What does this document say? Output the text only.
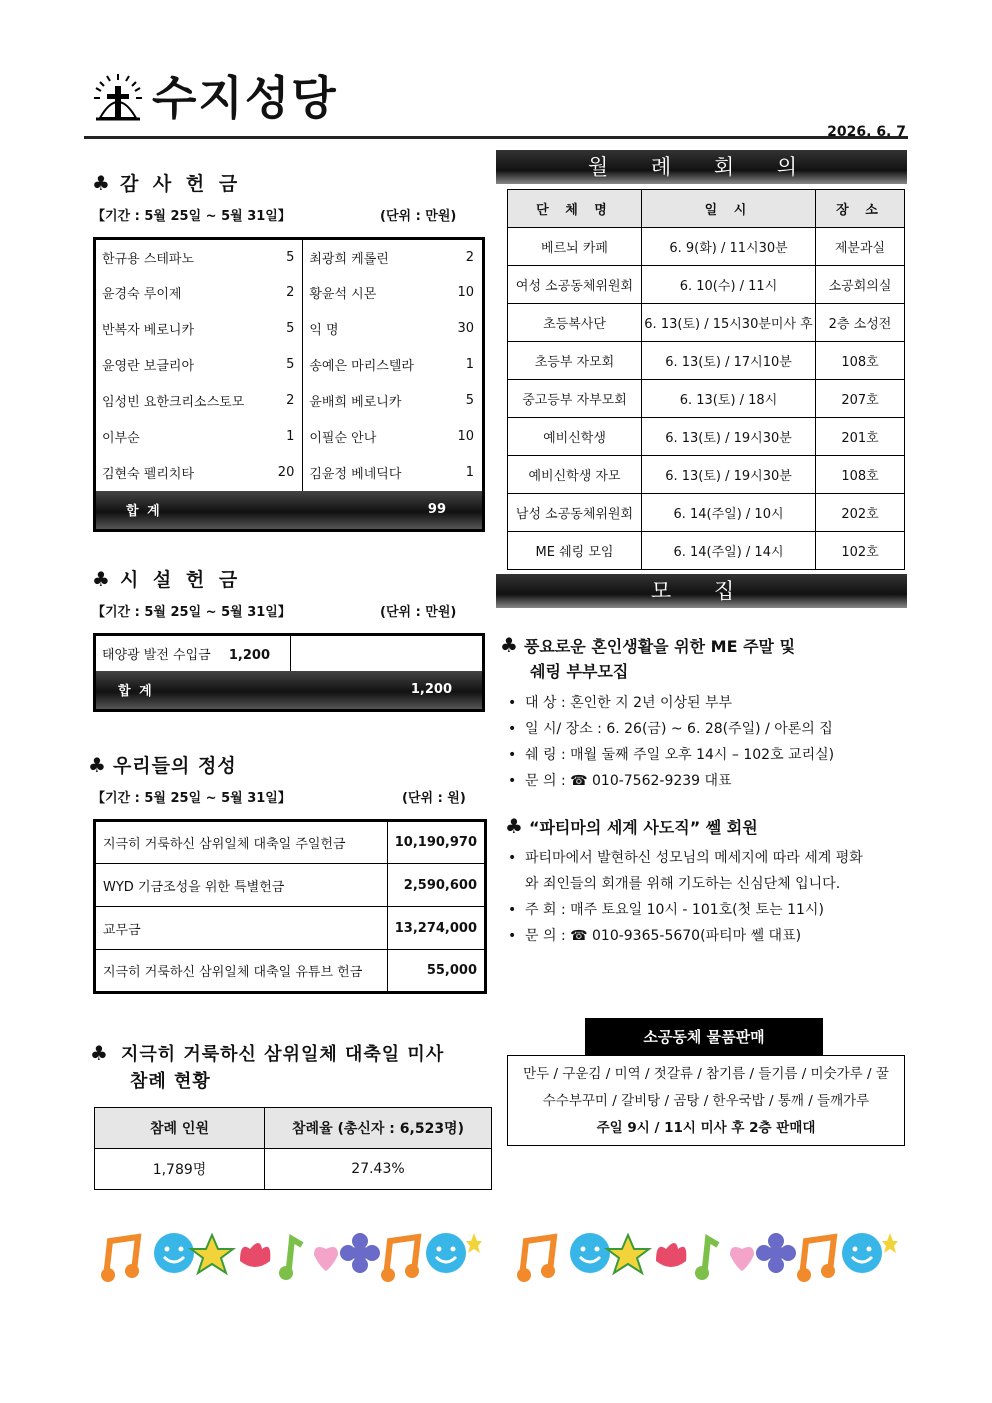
수지성당
2026. 6. 7
♣ 감 사 헌 금
【기간 : 5월 25일 ~ 5월 31일】	(단위 : 만원)
한규용 스테파노	5	최광희 케롤린	2
윤경숙 루이제	2	황윤석 시몬	10
반복자 베로니카	5	익 명	30
윤영란 보글리아	5	송예은 마리스텔라	1
임성빈 요한크리소스토모	2	윤배희 베로니카	5
이부순	1	이필순 안나	10
김현숙 펠리치타	20	김윤정 베네딕다	1
합 계			99
♣ 시 설 헌 금
【기간 : 5월 25일 ~ 5월 31일】	(단위 : 만원)
태양광 발전 수입금 1,200	
합 계	1,200
♣ 우리들의 정성
【기간 : 5월 25일 ~ 5월 31일】	(단위 : 원)
지극히 거룩하신 삼위일체 대축일 주일헌금	10,190,970
WYD 기금조성을 위한 특별헌금	2,590,600
교무금	13,274,000
지극히 거룩하신 삼위일체 대축일 유튜브 헌금	55,000
♣ 지극히 거룩하신 삼위일체 대축일 미사
참례 현황
참례 인원	참례율 (총신자 : 6,523명)
1,789명	27.43%
월 례 회 의
단 체 명	일 시	장 소
베르뇌 카페	6. 9(화) / 11시30분	제분과실
여성 소공동체위원회	6. 10(수) / 11시	소공회의실
초등복사단	6. 13(토) / 15시30분미사 후	2층 소성전
초등부 자모회	6. 13(토) / 17시10분	108호
중고등부 자부모회	6. 13(토) / 18시	207호
예비신학생	6. 13(토) / 19시30분	201호
예비신학생 자모	6. 13(토) / 19시30분	108호
남성 소공동체위원회	6. 14(주일) / 10시	202호
ME 쉐링 모임	6. 14(주일) / 14시	102호
모 집
♣ 풍요로운 혼인생활을 위한 ME 주말 및
쉐링 부부모집
• 대 상 : 혼인한 지 2년 이상된 부부
• 일 시/ 장소 : 6. 26(금) ~ 6. 28(주일) / 아론의 집
• 쉐 링 : 매월 둘째 주일 오후 14시 – 102호 교리실)
• 문 의 : ☎ 010-7562-9239 대표
♣ “파티마의 세계 사도직” 쎌 회원
• 파티마에서 발현하신 성모님의 메세지에 따라 세계 평화와 죄인들의 회개를 위해 기도하는 신심단체 입니다.
• 주 회 : 매주 토요일 10시 - 101호(첫 토는 11시)
• 문 의 : ☎ 010-9365-5670(파티마 쎌 대표)
소공동체 물품판매
만두 / 구운김 / 미역 / 젓갈류 / 참기름 / 들기름 / 미숫가루 / 꿀
수수부꾸미 / 갈비탕 / 곰탕 / 한우국밥 / 통깨 / 들깨가루
주일 9시 / 11시 미사 후 2층 판매대
